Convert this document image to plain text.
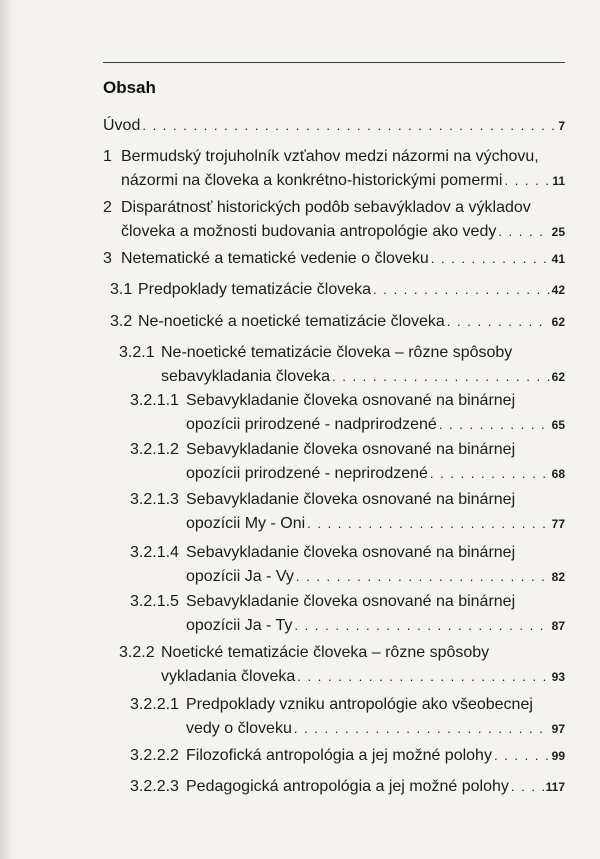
Obsah
Úvod . . .	7
1 Bermudský trojuholník vzťahov medzi názormi na výchovu,
názormi na človeka a konkrétno-historickými pomermi . . .	11
2 Disparátnosť historických podôb sebavýkladov a výkladov
človeka a možnosti budovania antropológie ako vedy . . .	25
3 Netematické a tematické vedenie o človeku . . .	41
3.1 Predpoklady tematizácie človeka . . .	42
3.2 Ne-noetické a noetické tematizácie človeka . . .	62
3.2.1 Ne-noetické tematizácie človeka – rôzne spôsoby
sebavykladania človeka . . .	62
3.2.1.1 Sebavykladanie človeka osnované na binárnej
opozícii prirodzené - nadprirodzené . . .	65
3.2.1.2 Sebavykladanie človeka osnované na binárnej
opozícii prirodzené - neprirodzené . . .	68
3.2.1.3 Sebavykladanie človeka osnované na binárnej
opozícii My - Oni . . .	77
3.2.1.4 Sebavykladanie človeka osnované na binárnej
opozícii Ja - Vy . . .	82
3.2.1.5 Sebavykladanie človeka osnované na binárnej
opozícii Ja - Ty . . .	87
3.2.2 Noetické tematizácie človeka – rôzne spôsoby
vykladania človeka . . .	93
3.2.2.1 Predpoklady vzniku antropológie ako všeobecnej
vedy o človeku . . .	97
3.2.2.2 Filozofická antropológia a jej možné polohy . . .	99
3.2.2.3 Pedagogická antropológia a jej možné polohy . . .	117
